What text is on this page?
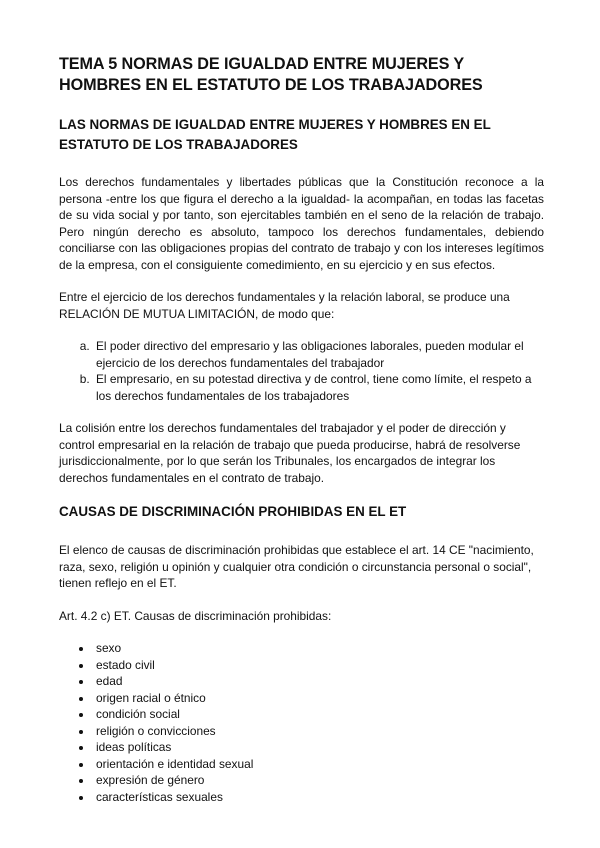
TEMA 5 NORMAS DE IGUALDAD ENTRE MUJERES Y HOMBRES EN EL ESTATUTO DE LOS TRABAJADORES
LAS NORMAS DE IGUALDAD ENTRE MUJERES Y HOMBRES EN EL ESTATUTO DE LOS TRABAJADORES

Los derechos fundamentales y libertades públicas que la Constitución reconoce a la persona -entre los que figura el derecho a la igualdad- la acompañan, en todas las facetas de su vida social y por tanto, son ejercitables también en el seno de la relación de trabajo. Pero ningún derecho es absoluto, tampoco los derechos fundamentales, debiendo conciliarse con las obligaciones propias del contrato de trabajo y con los intereses legítimos de la empresa, con el consiguiente comedimiento, en su ejercicio y en sus efectos.

Entre el ejercicio de los derechos fundamentales y la relación laboral, se produce una RELACIÓN DE MUTUA LIMITACIÓN, de modo que:

a. El poder directivo del empresario y las obligaciones laborales, pueden modular el ejercicio de los derechos fundamentales del trabajador
b. El empresario, en su potestad directiva y de control, tiene como límite, el respeto a los derechos fundamentales de los trabajadores

La colisión entre los derechos fundamentales del trabajador y el poder de dirección y control empresarial en la relación de trabajo que pueda producirse, habrá de resolverse jurisdiccionalmente, por lo que serán los Tribunales, los encargados de integrar los derechos fundamentales en el contrato de trabajo.

CAUSAS DE DISCRIMINACIÓN PROHIBIDAS EN EL ET

El elenco de causas de discriminación prohibidas que establece el art. 14 CE "nacimiento, raza, sexo, religión u opinión y cualquier otra condición o circunstancia personal o social", tienen reflejo en el ET.

Art. 4.2 c) ET. Causas de discriminación prohibidas:

• sexo
• estado civil
• edad
• origen racial o étnico
• condición social
• religión o convicciones
• ideas políticas
• orientación e identidad sexual
• expresión de género
• características sexuales
